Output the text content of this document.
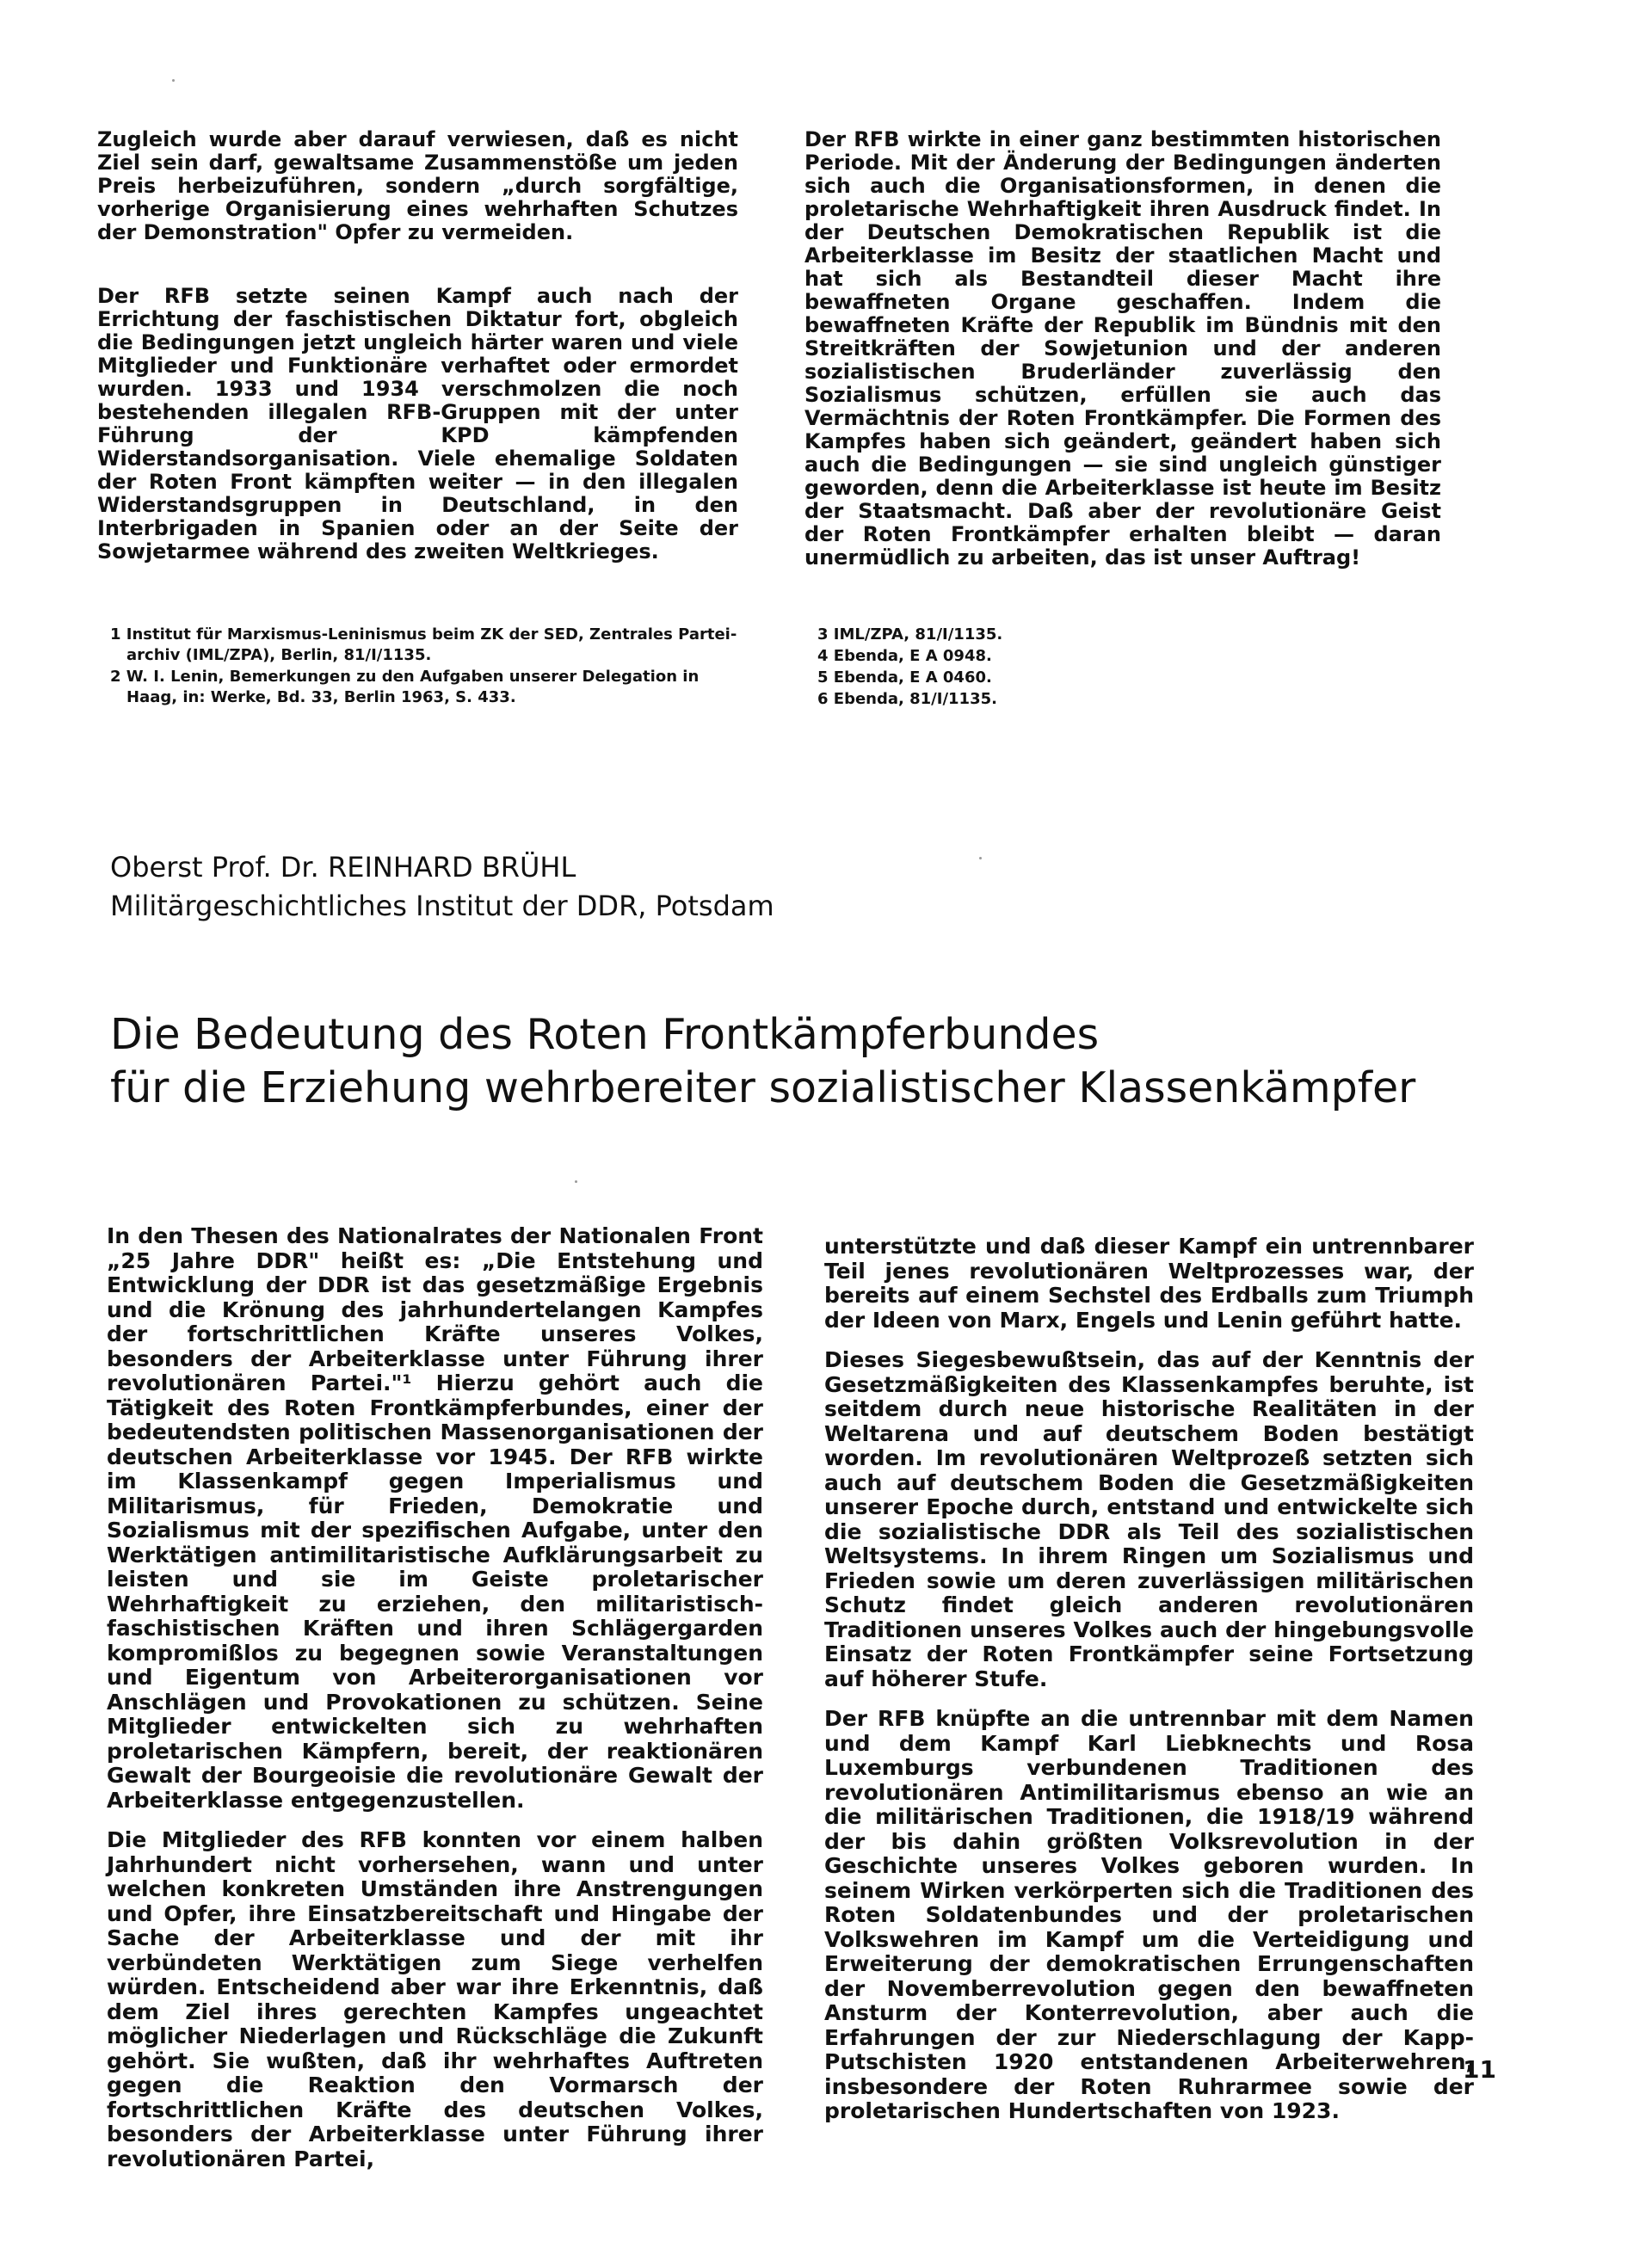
Zugleich wurde aber darauf verwiesen, daß es nicht Ziel sein darf, gewaltsame Zusammenstöße um jeden Preis herbeizuführen, sondern „durch sorgfältige, vorherige Organisierung eines wehrhaften Schutzes der Demonstration" Opfer zu vermeiden.

Der RFB setzte seinen Kampf auch nach der Errichtung der faschistischen Diktatur fort, obgleich die Bedingungen jetzt ungleich härter waren und viele Mitglieder und Funktionäre verhaftet oder ermordet wurden. 1933 und 1934 verschmolzen die noch bestehenden illegalen RFB-Gruppen mit der unter Führung der KPD kämpfenden Widerstandsorganisation. Viele ehemalige Soldaten der Roten Front kämpften weiter — in den illegalen Widerstandsgruppen in Deutschland, in den Interbrigaden in Spanien oder an der Seite der Sowjetarmee während des zweiten Weltkrieges.

Der RFB wirkte in einer ganz bestimmten historischen Periode. Mit der Änderung der Bedingungen änderten sich auch die Organisationsformen, in denen die proletarische Wehrhaftigkeit ihren Ausdruck findet. In der Deutschen Demokratischen Republik ist die Arbeiterklasse im Besitz der staatlichen Macht und hat sich als Bestandteil dieser Macht ihre bewaffneten Organe geschaffen. Indem die bewaffneten Kräfte der Republik im Bündnis mit den Streitkräften der Sowjetunion und der anderen sozialistischen Bruderländer zuverlässig den Sozialismus schützen, erfüllen sie auch das Vermächtnis der Roten Frontkämpfer. Die Formen des Kampfes haben sich geändert, geändert haben sich auch die Bedingungen — sie sind ungleich günstiger geworden, denn die Arbeiterklasse ist heute im Besitz der Staatsmacht. Daß aber der revolutionäre Geist der Roten Frontkämpfer erhalten bleibt — daran unermüdlich zu arbeiten, das ist unser Auftrag!

1 Institut für Marxismus-Leninismus beim ZK der SED, Zentrales Partei-
archiv (IML/ZPA), Berlin, 81/I/1135.

2 W. I. Lenin, Bemerkungen zu den Aufgaben unserer Delegation in
Haag, in: Werke, Bd. 33, Berlin 1963, S. 433.

3 IML/ZPA, 81/I/1135.

4 Ebenda, E A 0948.

5 Ebenda, E A 0460.

6 Ebenda, 81/I/1135.

Oberst Prof. Dr. REINHARD BRÜHL
Militärgeschichtliches Institut der DDR, Potsdam
Die Bedeutung des Roten Frontkämpferbundes
für die Erziehung wehrbereiter sozialistischer Klassenkämpfer

In den Thesen des Nationalrates der Nationalen Front „25 Jahre DDR" heißt es: „Die Entstehung und Entwicklung der DDR ist das gesetzmäßige Ergebnis und die Krönung des jahrhundertelangen Kampfes der fortschrittlichen Kräfte unseres Volkes, besonders der Arbeiterklasse unter Führung ihrer revolutionären Partei."¹ Hierzu gehört auch die Tätigkeit des Roten Frontkämpferbundes, einer der bedeutendsten politischen Massenorganisationen der deutschen Arbeiterklasse vor 1945. Der RFB wirkte im Klassenkampf gegen Imperialismus und Militarismus, für Frieden, Demokratie und Sozialismus mit der spezifischen Aufgabe, unter den Werktätigen antimilitaristische Aufklärungsarbeit zu leisten und sie im Geiste proletarischer Wehrhaftigkeit zu erziehen, den militaristisch-faschistischen Kräften und ihren Schlägergarden kompromißlos zu begegnen sowie Veranstaltungen und Eigentum von Arbeiterorganisationen vor Anschlägen und Provokationen zu schützen. Seine Mitglieder entwickelten sich zu wehrhaften proletarischen Kämpfern, bereit, der reaktionären Gewalt der Bourgeoisie die revolutionäre Gewalt der Arbeiterklasse entgegenzustellen.

Die Mitglieder des RFB konnten vor einem halben Jahrhundert nicht vorhersehen, wann und unter welchen konkreten Umständen ihre Anstrengungen und Opfer, ihre Einsatzbereitschaft und Hingabe der Sache der Arbeiterklasse und der mit ihr verbündeten Werktätigen zum Siege verhelfen würden. Entscheidend aber war ihre Erkenntnis, daß dem Ziel ihres gerechten Kampfes ungeachtet möglicher Niederlagen und Rückschläge die Zukunft gehört. Sie wußten, daß ihr wehrhaftes Auftreten gegen die Reaktion den Vormarsch der fortschrittlichen Kräfte des deutschen Volkes, besonders der Arbeiterklasse unter Führung ihrer revolutionären Partei,

unterstützte und daß dieser Kampf ein untrennbarer Teil jenes revolutionären Weltprozesses war, der bereits auf einem Sechstel des Erdballs zum Triumph der Ideen von Marx, Engels und Lenin geführt hatte.

Dieses Siegesbewußtsein, das auf der Kenntnis der Gesetzmäßigkeiten des Klassenkampfes beruhte, ist seitdem durch neue historische Realitäten in der Weltarena und auf deutschem Boden bestätigt worden. Im revolutionären Weltprozeß setzten sich auch auf deutschem Boden die Gesetzmäßigkeiten unserer Epoche durch, entstand und entwickelte sich die sozialistische DDR als Teil des sozialistischen Weltsystems. In ihrem Ringen um Sozialismus und Frieden sowie um deren zuverlässigen militärischen Schutz findet gleich anderen revolutionären Traditionen unseres Volkes auch der hingebungsvolle Einsatz der Roten Frontkämpfer seine Fortsetzung auf höherer Stufe.

Der RFB knüpfte an die untrennbar mit dem Namen und dem Kampf Karl Liebknechts und Rosa Luxemburgs verbundenen Traditionen des revolutionären Antimilitarismus ebenso an wie an die militärischen Traditionen, die 1918/19 während der bis dahin größten Volksrevolution in der Geschichte unseres Volkes geboren wurden. In seinem Wirken verkörperten sich die Traditionen des Roten Soldatenbundes und der proletarischen Volkswehren im Kampf um die Verteidigung und Erweiterung der demokratischen Errungenschaften der Novemberrevolution gegen den bewaffneten Ansturm der Konterrevolution, aber auch die Erfahrungen der zur Niederschlagung der Kapp-Putschisten 1920 entstandenen Arbeiterwehren, insbesondere der Roten Ruhrarmee sowie der proletarischen Hundertschaften von 1923.

11
